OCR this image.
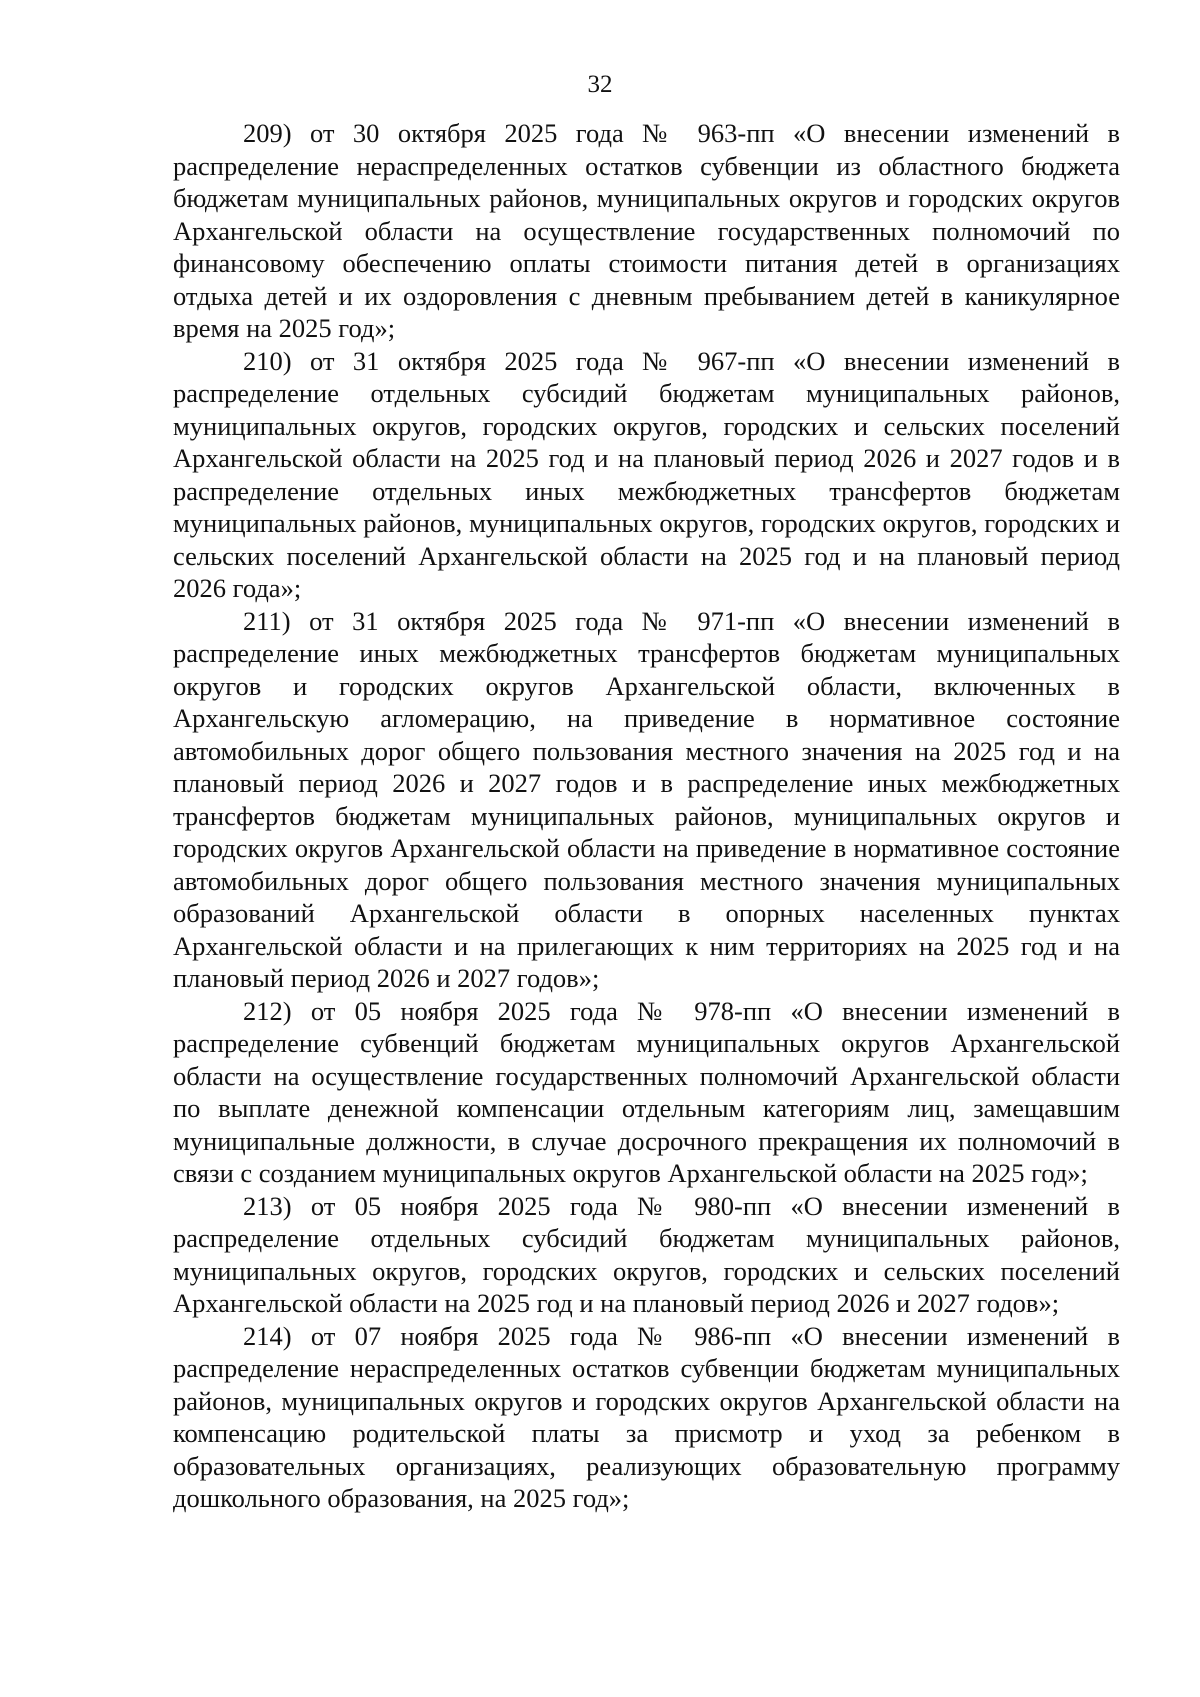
32

209) от 30 октября 2025 года № 963-пп «О внесении изменений в распределение нераспределенных остатков субвенции из областного бюджета бюджетам муниципальных районов, муниципальных округов и городских округов Архангельской области на осуществление государственных полномочий по финансовому обеспечению оплаты стоимости питания детей в организациях отдыха детей и их оздоровления с дневным пребыванием детей в каникулярное время на 2025 год»;

210) от 31 октября 2025 года № 967-пп «О внесении изменений в распределение отдельных субсидий бюджетам муниципальных районов, муниципальных округов, городских округов, городских и сельских поселений Архангельской области на 2025 год и на плановый период 2026 и 2027 годов и в распределение отдельных иных межбюджетных трансфертов бюджетам муниципальных районов, муниципальных округов, городских округов, городских и сельских поселений Архангельской области на 2025 год и на плановый период 2026 года»;

211) от 31 октября 2025 года № 971-пп «О внесении изменений в распределение иных межбюджетных трансфертов бюджетам муниципальных округов и городских округов Архангельской области, включенных в Архангельскую агломерацию, на приведение в нормативное состояние автомобильных дорог общего пользования местного значения на 2025 год и на плановый период 2026 и 2027 годов и в распределение иных межбюджетных трансфертов бюджетам муниципальных районов, муниципальных округов и городских округов Архангельской области на приведение в нормативное состояние автомобильных дорог общего пользования местного значения муниципальных образований Архангельской области в опорных населенных пунктах Архангельской области и на прилегающих к ним территориях на 2025 год и на плановый период 2026 и 2027 годов»;

212) от 05 ноября 2025 года № 978-пп «О внесении изменений в распределение субвенций бюджетам муниципальных округов Архангельской области на осуществление государственных полномочий Архангельской области по выплате денежной компенсации отдельным категориям лиц, замещавшим муниципальные должности, в случае досрочного прекращения их полномочий в связи с созданием муниципальных округов Архангельской области на 2025 год»;

213) от 05 ноября 2025 года № 980-пп «О внесении изменений в распределение отдельных субсидий бюджетам муниципальных районов, муниципальных округов, городских округов, городских и сельских поселений Архангельской области на 2025 год и на плановый период 2026 и 2027 годов»;

214) от 07 ноября 2025 года № 986-пп «О внесении изменений в распределение нераспределенных остатков субвенции бюджетам муниципальных районов, муниципальных округов и городских округов Архангельской области на компенсацию родительской платы за присмотр и уход за ребенком в образовательных организациях, реализующих образовательную программу дошкольного образования, на 2025 год»;
